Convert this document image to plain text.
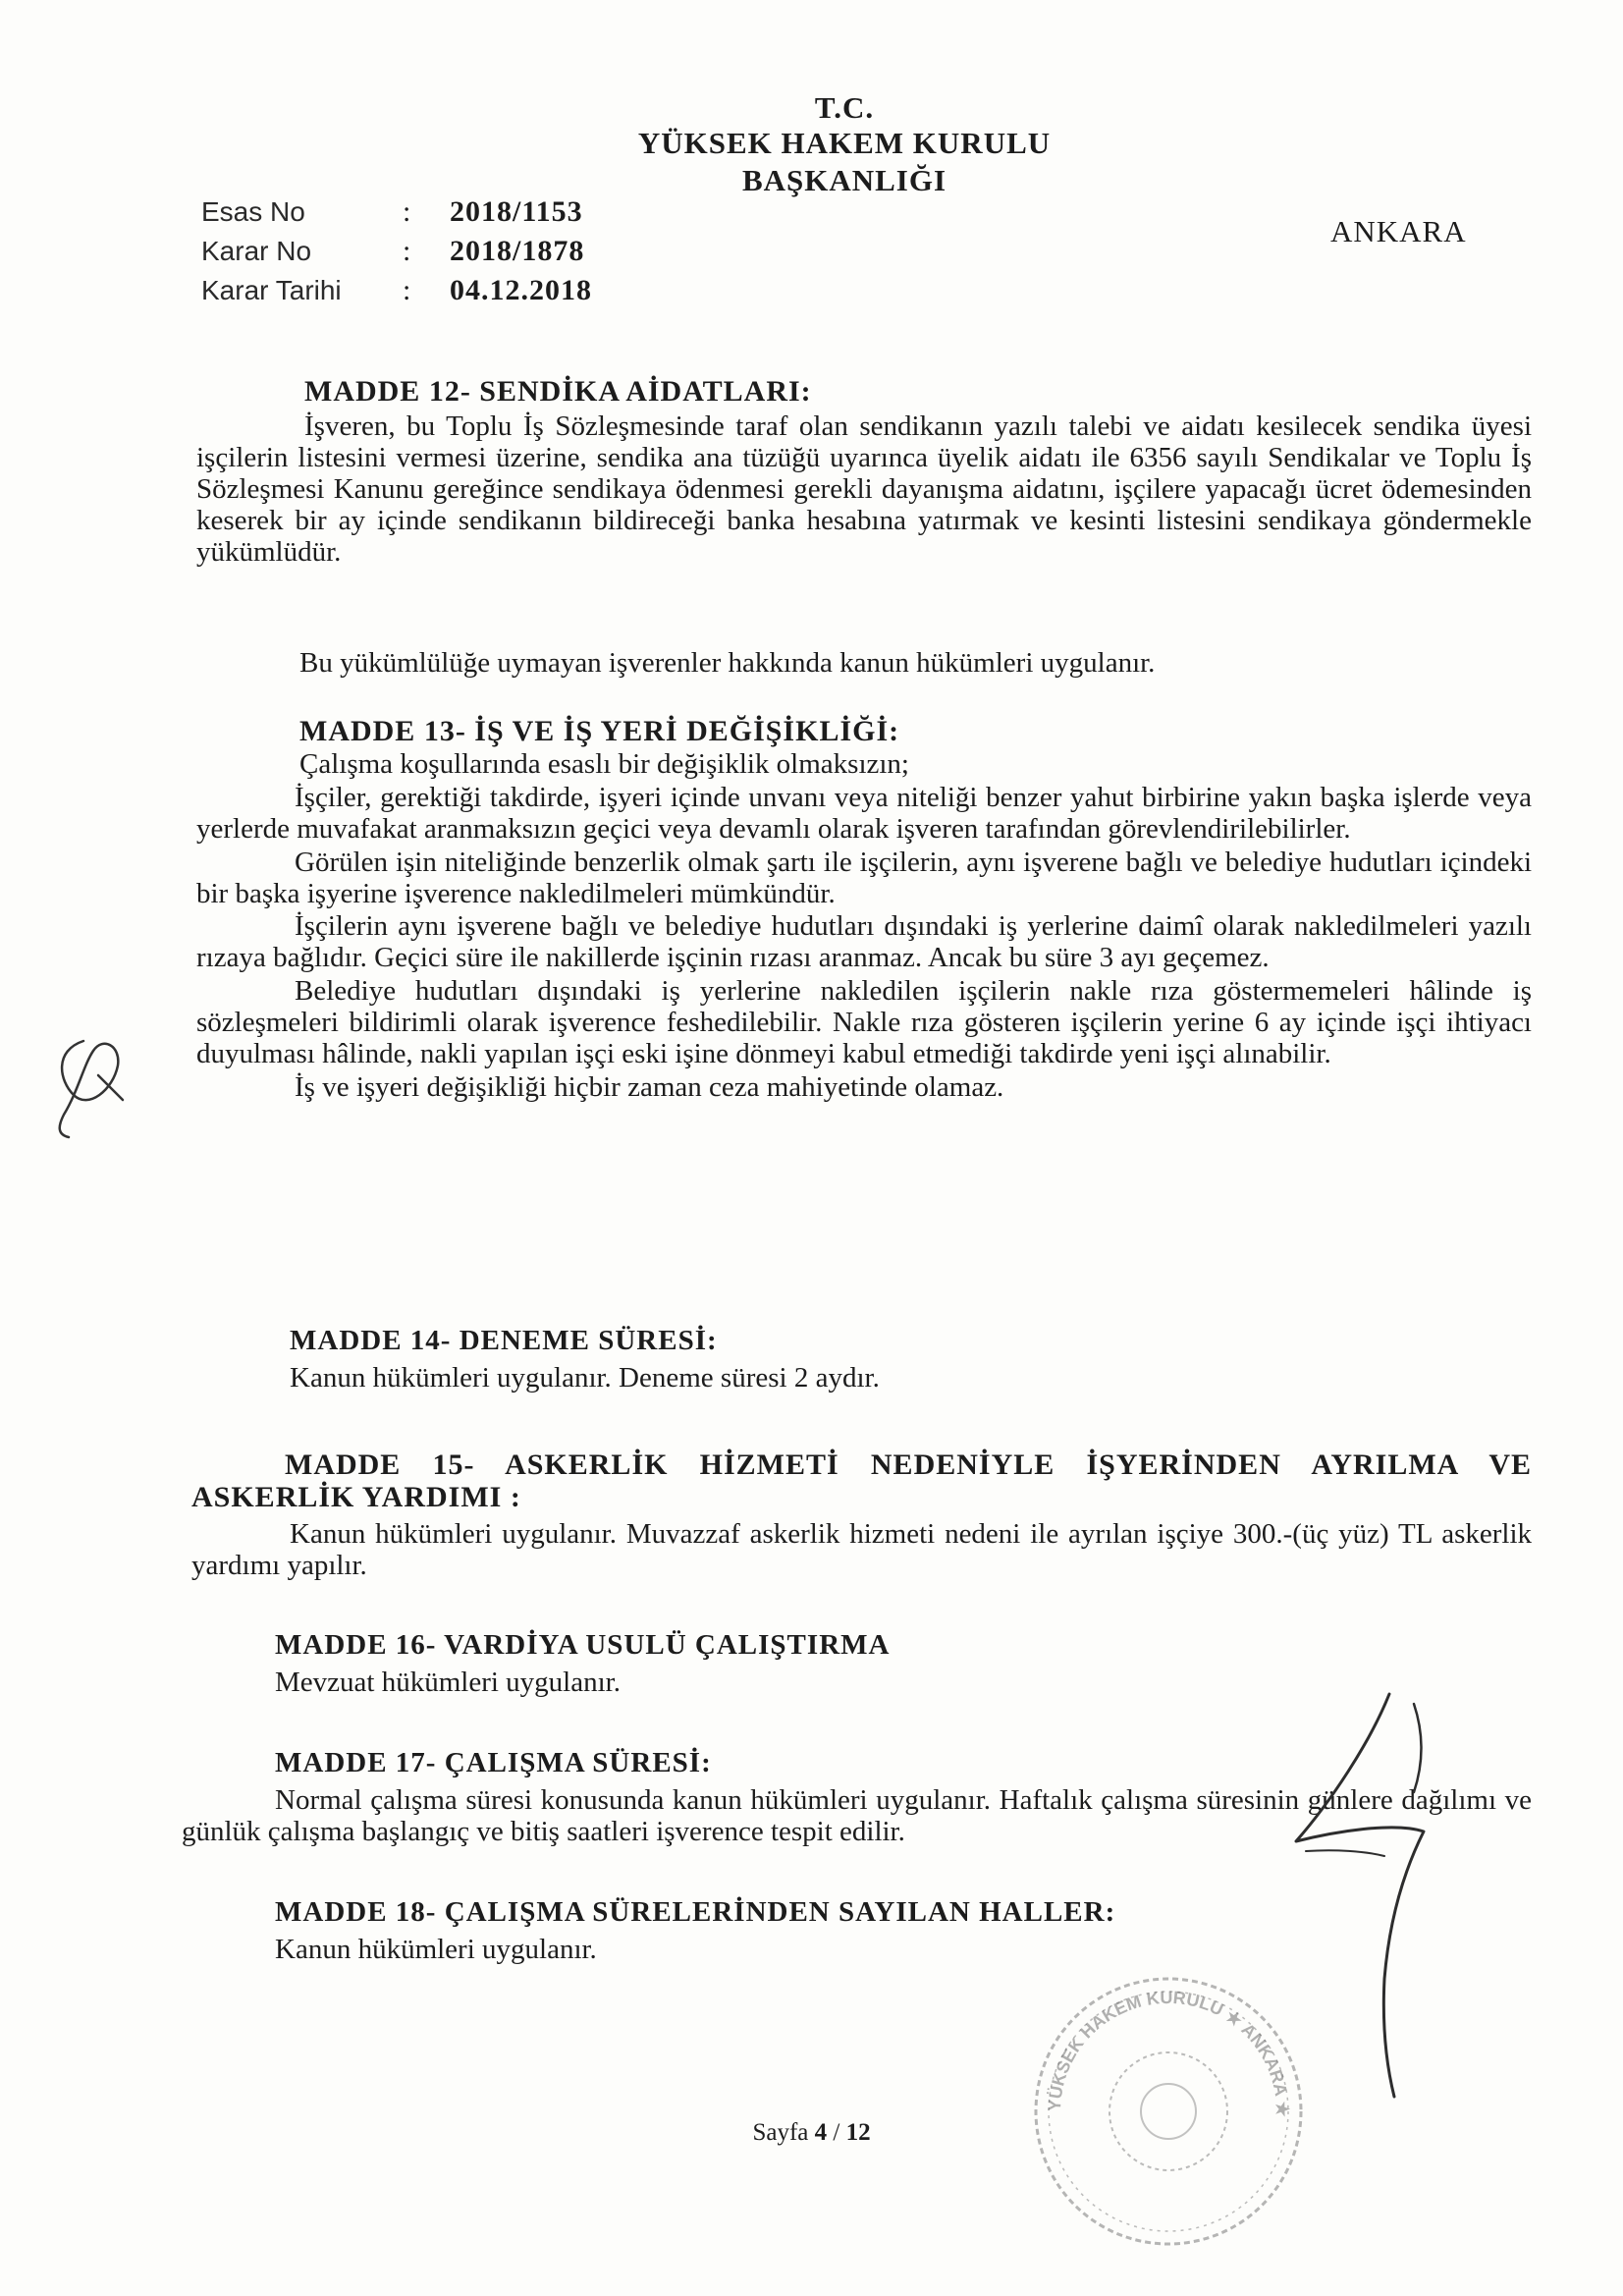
T.C.
YÜKSEK HAKEM KURULU
BAŞKANLIĞI
ANKARA
Esas No	:	2018/1153
Karar No	:	2018/1878
Karar Tarihi	:	04.12.2018
MADDE 12- SENDİKA AİDATLARI:
İşveren, bu Toplu İş Sözleşmesinde taraf olan sendikanın yazılı talebi ve aidatı kesilecek sendika üyesi işçilerin listesini vermesi üzerine, sendika ana tüzüğü uyarınca üyelik aidatı ile 6356 sayılı Sendikalar ve Toplu İş Sözleşmesi Kanunu gereğince sendikaya ödenmesi gerekli dayanışma aidatını, işçilere yapacağı ücret ödemesinden keserek bir ay içinde sendikanın bildireceği banka hesabına yatırmak ve kesinti listesini sendikaya göndermekle yükümlüdür.
Bu yükümlülüğe uymayan işverenler hakkında kanun hükümleri uygulanır.
MADDE 13- İŞ VE İŞ YERİ DEĞİŞİKLİĞİ:
Çalışma koşullarında esaslı bir değişiklik olmaksızın;
İşçiler, gerektiği takdirde, işyeri içinde unvanı veya niteliği benzer yahut birbirine yakın başka işlerde veya yerlerde muvafakat aranmaksızın geçici veya devamlı olarak işveren tarafından görevlendirilebilirler.
Görülen işin niteliğinde benzerlik olmak şartı ile işçilerin, aynı işverene bağlı ve belediye hudutları içindeki bir başka işyerine işverence nakledilmeleri mümkündür.
İşçilerin aynı işverene bağlı ve belediye hudutları dışındaki iş yerlerine daimî olarak nakledilmeleri yazılı rızaya bağlıdır. Geçici süre ile nakillerde işçinin rızası aranmaz. Ancak bu süre 3 ayı geçemez.
Belediye hudutları dışındaki iş yerlerine nakledilen işçilerin nakle rıza göstermemeleri hâlinde iş sözleşmeleri bildirimli olarak işverence feshedilebilir. Nakle rıza gösteren işçilerin yerine 6 ay içinde işçi ihtiyacı duyulması hâlinde, nakli yapılan işçi eski işine dönmeyi kabul etmediği takdirde yeni işçi alınabilir.
İş ve işyeri değişikliği hiçbir zaman ceza mahiyetinde olamaz.
MADDE 14- DENEME SÜRESİ:
Kanun hükümleri uygulanır. Deneme süresi 2 aydır.
MADDE 15- ASKERLİK HİZMETİ NEDENİYLE İŞYERİNDEN AYRILMA VE ASKERLİK YARDIMI :
Kanun hükümleri uygulanır. Muvazzaf askerlik hizmeti nedeni ile ayrılan işçiye 300.-(üç yüz) TL askerlik yardımı yapılır.
MADDE 16- VARDİYA USULÜ ÇALIŞTIRMA
Mevzuat hükümleri uygulanır.
MADDE 17- ÇALIŞMA SÜRESİ:
Normal çalışma süresi konusunda kanun hükümleri uygulanır. Haftalık çalışma süresinin günlere dağılımı ve günlük çalışma başlangıç ve bitiş saatleri işverence tespit edilir.
MADDE 18- ÇALIŞMA SÜRELERİNDEN SAYILAN HALLER:
Kanun hükümleri uygulanır.
Sayfa 4 / 12
YÜKSEK HAKEM KURULU ★ ANKARA ★
